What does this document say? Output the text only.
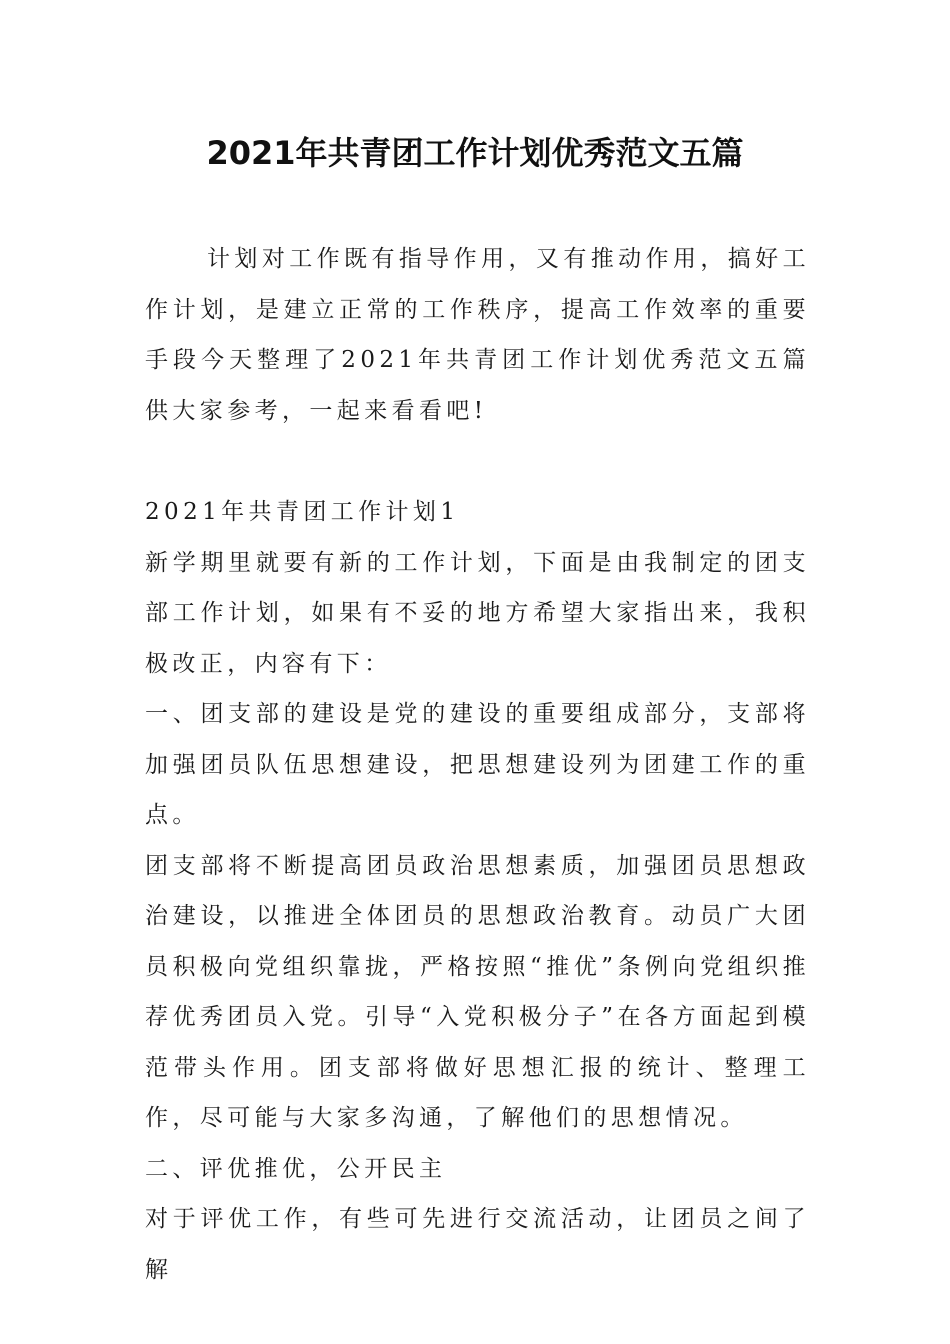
2021年共青团工作计划优秀范文五篇

计划对工作既有指导作用，又有推动作用，搞好工作计划，是建立正常的工作秩序，提高工作效率的重要手段今天整理了2021年共青团工作计划优秀范文五篇供大家参考，一起来看看吧!

2021年共青团工作计划1

新学期里就要有新的工作计划，下面是由我制定的团支部工作计划，如果有不妥的地方希望大家指出来，我积极改正，内容有下：

一、团支部的建设是党的建设的重要组成部分，支部将加强团员队伍思想建设，把思想建设列为团建工作的重点。

团支部将不断提高团员政治思想素质，加强团员思想政治建设，以推进全体团员的思想政治教育。动员广大团员积极向党组织靠拢，严格按照“推优”条例向党组织推荐优秀团员入党。引导“入党积极分子”在各方面起到模范带头作用。团支部将做好思想汇报的统计、整理工作，尽可能与大家多沟通，了解他们的思想情况。

二、评优推优，公开民主

对于评优工作，有些可先进行交流活动，让团员之间了解
